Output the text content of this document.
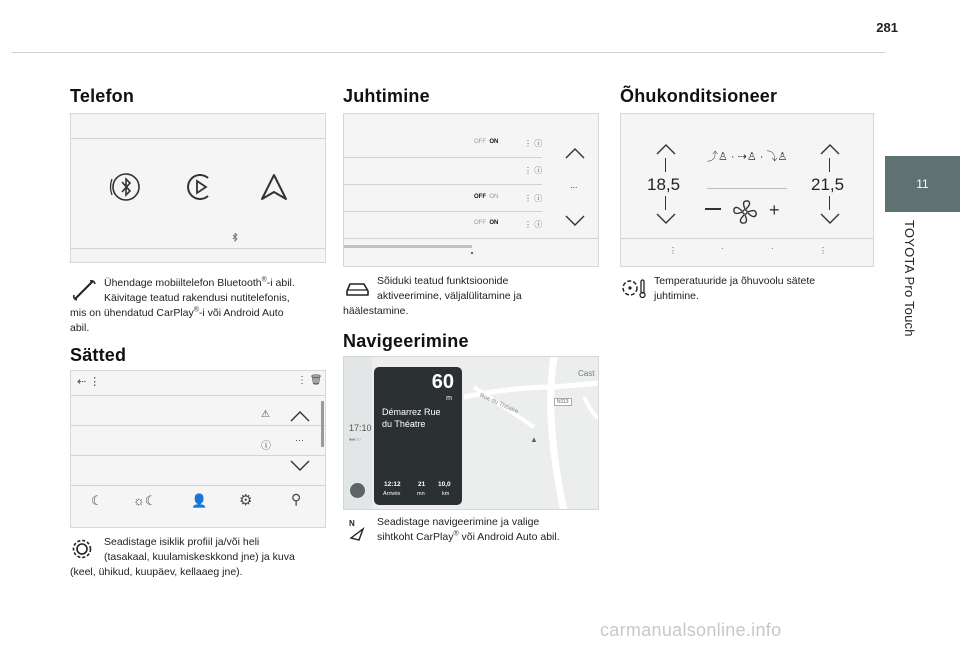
281
11
TOYOTA Pro Touch
Telefon
Ühendage mobiiltelefon Bluetooth®-i abil.
Käivitage teatud rakendusi nutitelefonis,
mis on ühendatud CarPlay®-i või Android Auto
abil.
Sätted
⇠ ⋮	⋮ 🗑
⚠
ⓘ
···
☾ ☼☾	👤 ⚙	⚲
Seadistage isiklik profiil ja/või heli
(tasakaal, kuulamiskeskkond jne) ja kuva
(keel, ühikud, kuupäev, kellaaeg jne).
Juhtimine
OFF ON	⋮ ⓘ
⋮ ⓘ
OFF ON	⋮ ⓘ
OFF ON	⋮ ⓘ
...
Sõiduki teatud funktsioonide
aktiveerimine, väljalülitamine ja
häälestamine.
Navigeerimine
Rue du Théatre	N113
Cast
▲
17:10
●●○○
60
m
Démarrez Rue
du Théatre
12:12
Arrivée
21
mn
10,0
km
N	Seadistage navigeerimine ja valige
sihtkoht CarPlay® või Android Auto abil.
Õhukonditsioneer
18,5
⤴♙ · ⇢♙ · ⤵♙
+
21,5
⋮	·	·	⋮
Temperatuuride ja õhuvoolu sätete
juhtimine.
carmanualsonline.info
